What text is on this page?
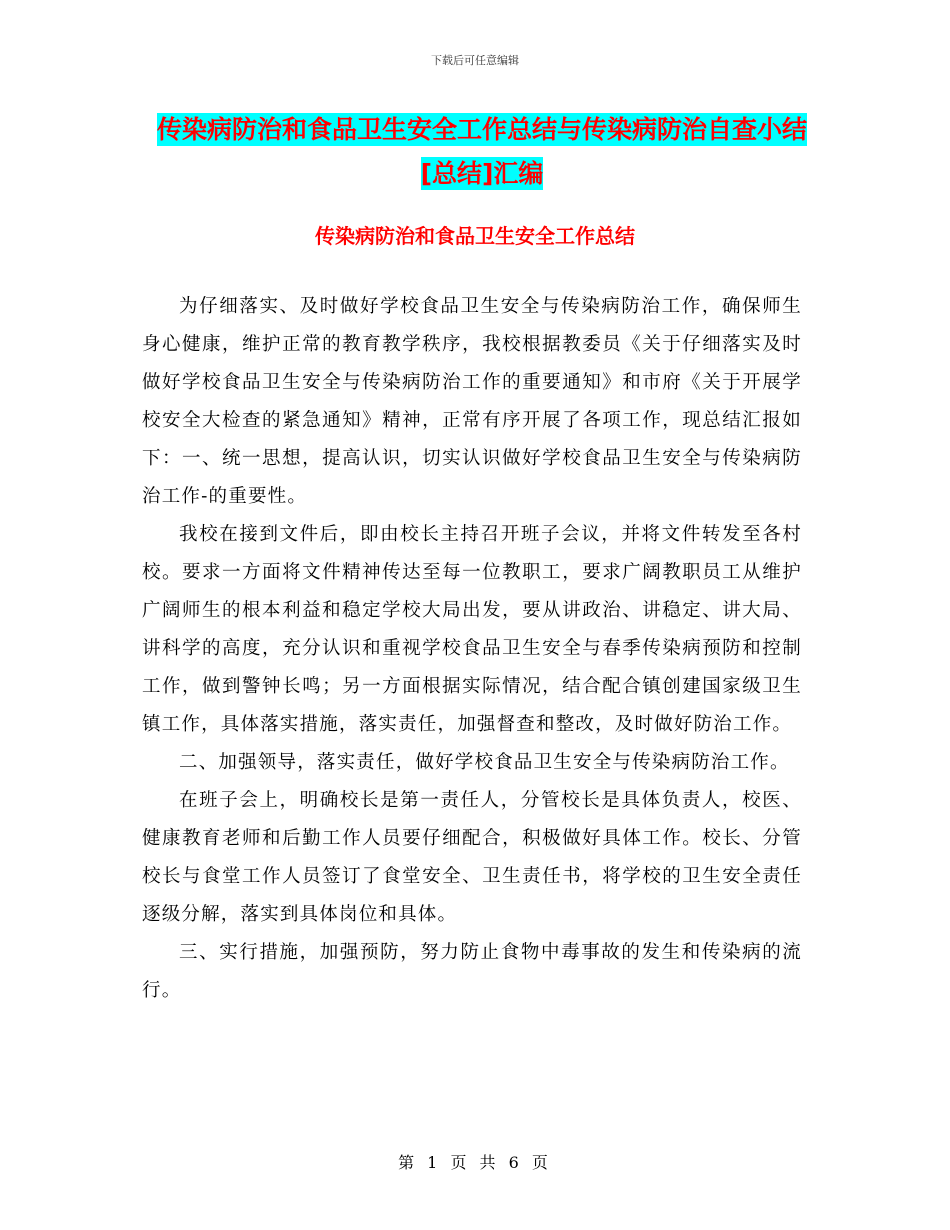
下载后可任意编辑
传染病防治和食品卫生安全工作总结与传染病防治自查小结[总结]汇编
传染病防治和食品卫生安全工作总结

为仔细落实、及时做好学校食品卫生安全与传染病防治工作，确保师生身心健康，维护正常的教育教学秩序，我校根据教委员《关于仔细落实及时做好学校食品卫生安全与传染病防治工作的重要通知》和市府《关于开展学校安全大检查的紧急通知》精神，正常有序开展了各项工作，现总结汇报如下：一、统一思想，提高认识，切实认识做好学校食品卫生安全与传染病防治工作-的重要性。

我校在接到文件后，即由校长主持召开班子会议，并将文件转发至各村校。要求一方面将文件精神传达至每一位教职工，要求广阔教职员工从维护广阔师生的根本利益和稳定学校大局出发，要从讲政治、讲稳定、讲大局、讲科学的高度，充分认识和重视学校食品卫生安全与春季传染病预防和控制工作，做到警钟长鸣；另一方面根据实际情况，结合配合镇创建国家级卫生镇工作，具体落实措施，落实责任，加强督查和整改，及时做好防治工作。

二、加强领导，落实责任，做好学校食品卫生安全与传染病防治工作。

在班子会上，明确校长是第一责任人，分管校长是具体负责人，校医、健康教育老师和后勤工作人员要仔细配合，积极做好具体工作。校长、分管校长与食堂工作人员签订了食堂安全、卫生责任书，将学校的卫生安全责任逐级分解，落实到具体岗位和具体。

三、实行措施，加强预防，努力防止食物中毒事故的发生和传染病的流行。

第 1 页 共 6 页
